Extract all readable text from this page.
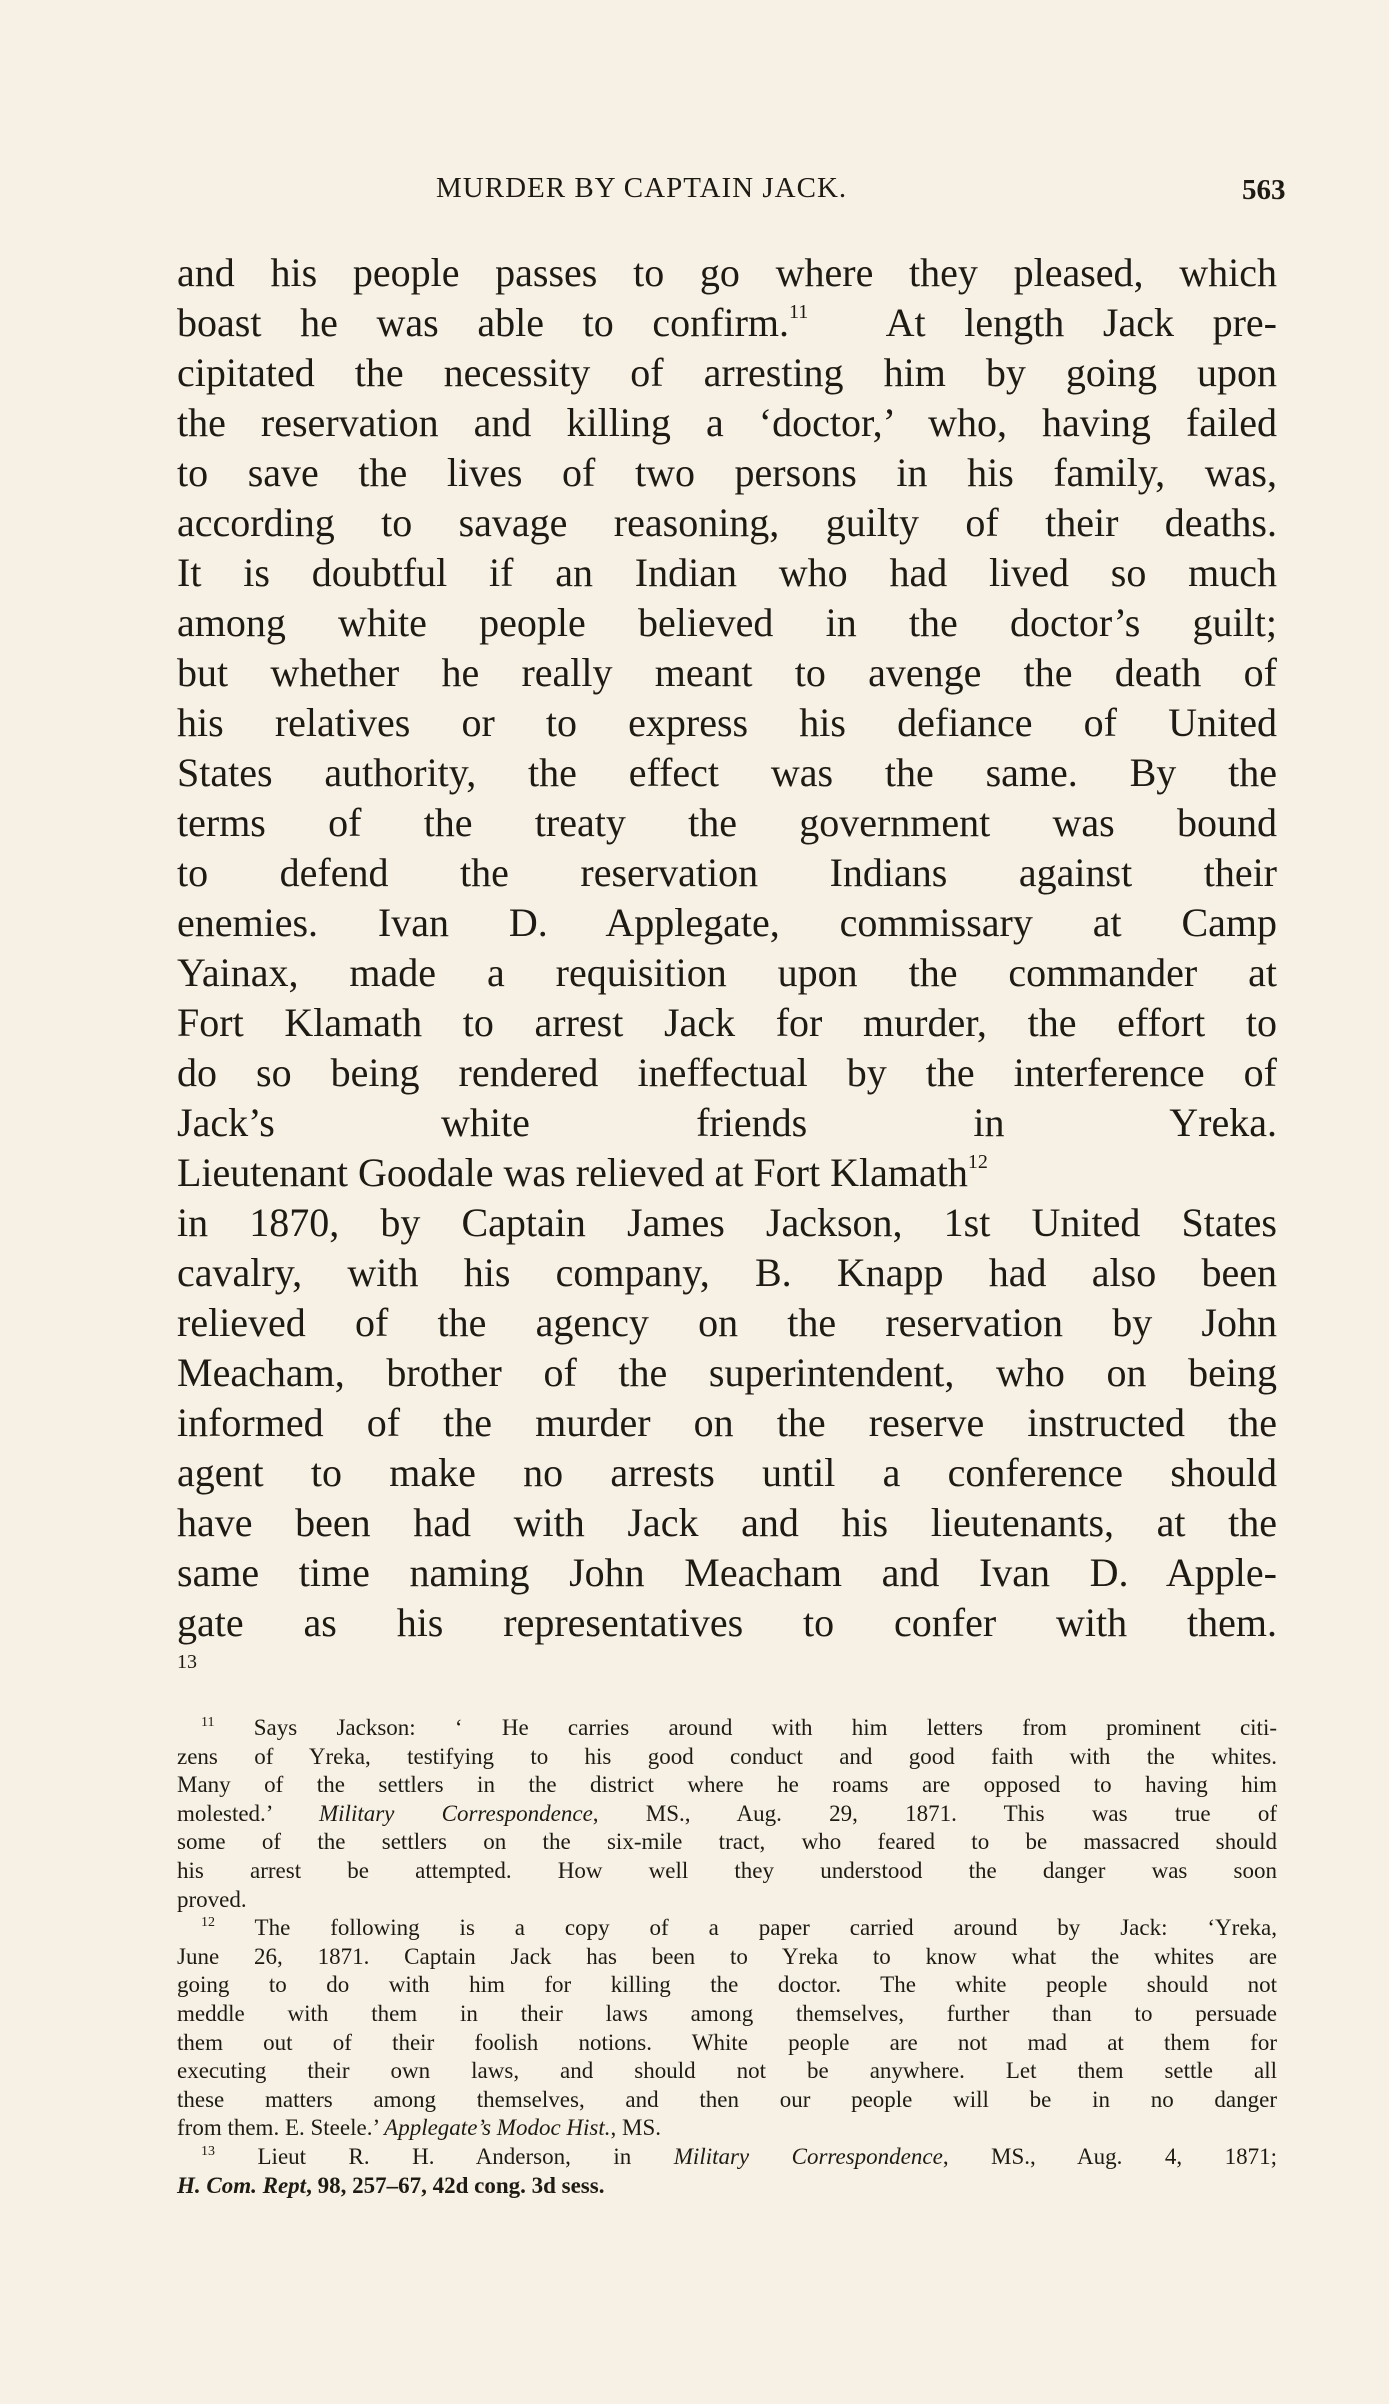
MURDER BY CAPTAIN JACK.	563
and his people passes to go where they pleased, which
boast he was able to confirm.$^{11}$ At length Jack pre-
cipitated the necessity of arresting him by going upon
the reservation and killing a ‘doctor,’ who, having failed
to save the lives of two persons in his family, was,
according to savage reasoning, guilty of their deaths.
It is doubtful if an Indian who had lived so much
among white people believed in the doctor’s guilt;
but whether he really meant to avenge the death of
his relatives or to express his defiance of United
States authority, the effect was the same. By the
terms of the treaty the government was bound
to defend the reservation Indians against their
enemies. Ivan D. Applegate, commissary at Camp
Yainax, made a requisition upon the commander at
Fort Klamath to arrest Jack for murder, the effort to
do so being rendered ineffectual by the interference of
Jack’s white friends in Yreka.
Lieutenant Goodale was relieved at Fort Klamath$^{12}$
in 1870, by Captain James Jackson, 1st United States
cavalry, with his company, B. Knapp had also been
relieved of the agency on the reservation by John
Meacham, brother of the superintendent, who on being
informed of the murder on the reserve instructed the
agent to make no arrests until a conference should
have been had with Jack and his lieutenants, at the
same time naming John Meacham and Ivan D. Apple-
gate as his representatives to confer with them.
$^{13}$
$^{11}$ Says Jackson: ‘ He carries around with him letters from prominent citi-
zens of Yreka, testifying to his good conduct and good faith with the whites.
Many of the settlers in the district where he roams are opposed to having him
molested.’ Military Correspondence, MS., Aug. 29, 1871. This was true of
some of the settlers on the six-mile tract, who feared to be massacred should
his arrest be attempted. How well they understood the danger was soon
proved.
$^{12}$ The following is a copy of a paper carried around by Jack: ‘Yreka,
June 26, 1871. Captain Jack has been to Yreka to know what the whites are
going to do with him for killing the doctor. The white people should not
meddle with them in their laws among themselves, further than to persuade
them out of their foolish notions. White people are not mad at them for
executing their own laws, and should not be anywhere. Let them settle all
these matters among themselves, and then our people will be in no danger
from them. E. Steele.’ Applegate’s Modoc Hist., MS.
$^{13}$ Lieut R. H. Anderson, in Military Correspondence, MS., Aug. 4, 1871;
H. Com. Rept, 98, 257–67, 42d cong. 3d sess.
